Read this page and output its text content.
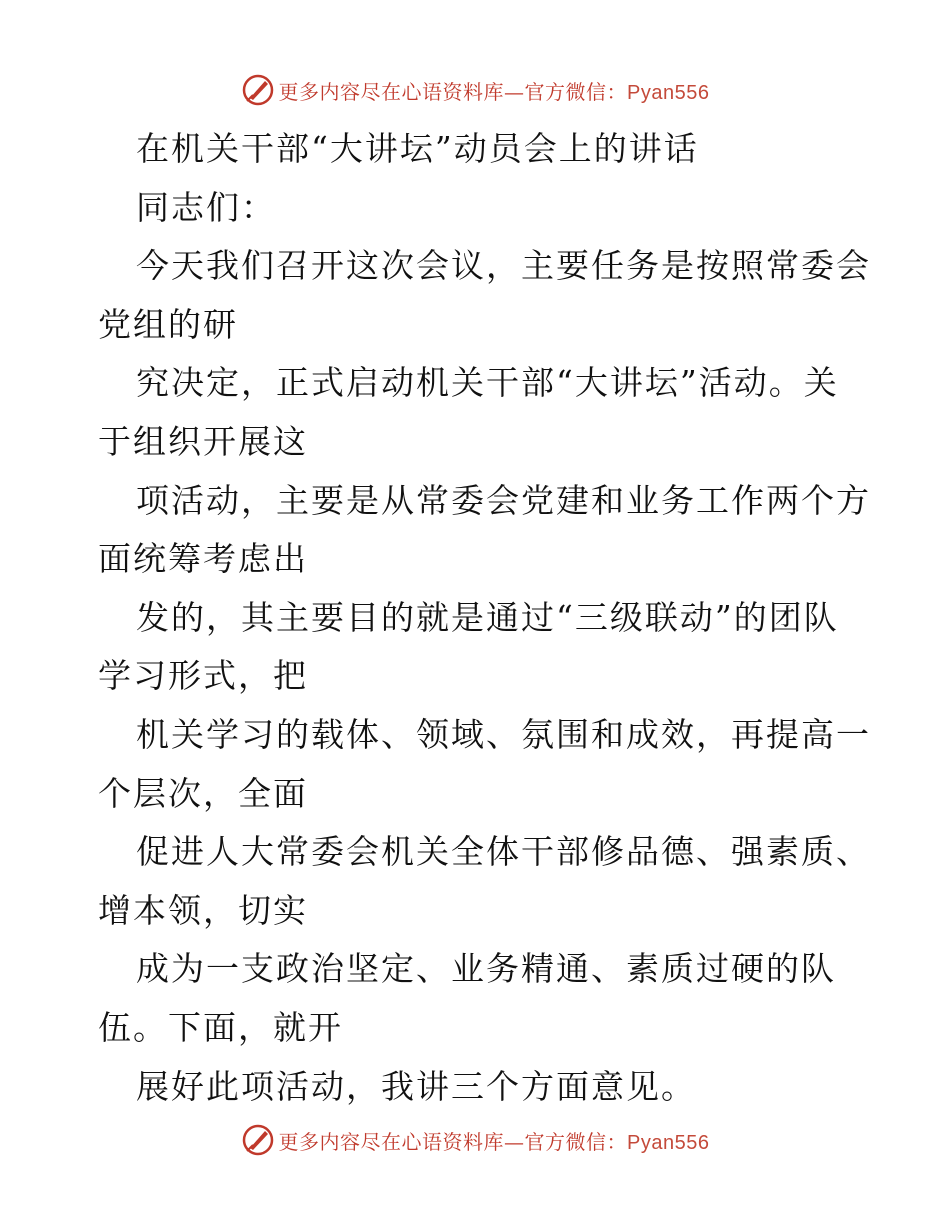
更多内容尽在心语资料库—官方微信：Pyan556
在机关干部“大讲坛”动员会上的讲话
同志们：
今天我们召开这次会议，主要任务是按照常委会
党组的研
究决定，正式启动机关干部“大讲坛”活动。关
于组织开展这
项活动，主要是从常委会党建和业务工作两个方
面统筹考虑出
发的，其主要目的就是通过“三级联动”的团队
学习形式，把
机关学习的载体、领域、氛围和成效，再提高一
个层次，全面
促进人大常委会机关全体干部修品德、强素质、
增本领，切实
成为一支政治坚定、业务精通、素质过硬的队
伍。下面，就开
展好此项活动，我讲三个方面意见。
更多内容尽在心语资料库—官方微信：Pyan556
